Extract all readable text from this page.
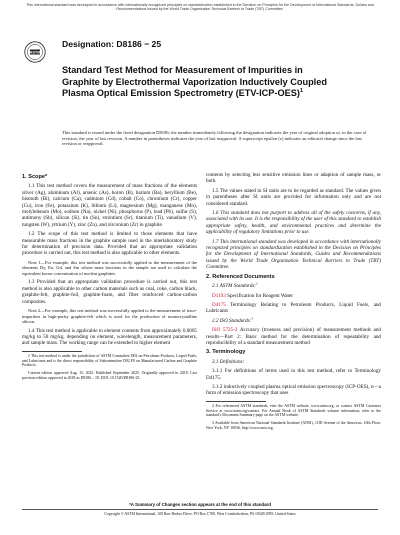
This international standard was developed in accordance with internationally recognized principles on standardization established in the Decision on Principles for the Development of International Standards, Guides and Recommendations issued by the World Trade Organization Technical Barriers to Trade (TBT) Committee.
ASTM
Designation: D8186 − 25
Standard Test Method for Measurement of Impurities in Graphite by Electrothermal Vaporization Inductively Coupled Plasma Optical Emission Spectrometry $(ETV-ICP-OES)^1$
This standard is issued under the fixed designation D8186; the number immediately following the designation indicates the year of original adoption or, in the case of revision, the year of last revision. A number in parentheses indicates the year of last reapproval. A superscript epsilon (ε) indicates an editorial change since the last revision or reapproval.
1. Scope*

1.1 This test method covers the measurement of mass fractions of the elements silver (Ag), aluminum (Al), arsenic (As), boron (B), barium (Ba), beryllium (Be), bismuth (Bi), calcium (Ca), cadmium (Cd), cobalt (Co), chromium (Cr), copper (Cu), iron (Fe), potassium (K), lithium (Li), magnesium (Mg), manganese (Mn), molybdenum (Mo), sodium (Na), nickel (Ni), phosphorus (P), lead (Pb), sulfur (S), antimony (Sb), silicon (Si), tin (Sn), strontium (Sr), titanium (Ti), vanadium (V), tungsten (W), yttrium (Y), zinc (Zn), and zirconium (Zr) in graphite.

1.2 The scope of this test method is limited to those elements that have measurable mass fractions in the graphite sample used in the interlaboratory study for determination of precision data. Provided that an appropriate validation procedure is carried out, this test method is also applicable to other elements.

Note 1—For example, this test method was successfully applied to the measurement of the elements Dy, Eu, Gd, and Sm whose mass fractions in the sample are used to calculate the equivalent boron concentration of nuclear graphites.

1.3 Provided that an appropriate validation procedure is carried out, this test method is also applicable to other carbon materials such as coal, coke, carbon black, graphite-felt, graphite-foil, graphite-foam, and fiber reinforced carbon-carbon composites.

Note 2—For example, this test method was successfully applied to the measurement of trace-impurities in high-purity graphite-felt which is used for the production of monocrystalline silicon.

1.4 This test method is applicable to element contents from approximately 0.0005 mg/kg to 50 mg/kg, depending on element, wavelength, measurement parameters, and sample mass. The working range can be extended to higher element

1 This test method is under the jurisdiction of ASTM Committee D02 on Petroleum Products, Liquid Fuels, and Lubricants and is the direct responsibility of Subcommittee D02.F0 on Manufactured Carbon and Graphite Products.

Current edition approved Aug. 15, 2025. Published September 2025. Originally approved in 2018. Last previous edition approved in 2018 as D8186 – 18. DOI: 10.1520/D8186-25.

contents by selecting less sensitive emission lines or adaption of sample mass, or both.

1.5 The values stated in SI units are to be regarded as standard. The values given in parentheses after SI units are provided for information only and are not considered standard.

1.6 This standard does not purport to address all of the safety concerns, if any, associated with its use. It is the responsibility of the user of this standard to establish appropriate safety, health, and environmental practices and determine the applicability of regulatory limitations prior to use.

1.7 This international standard was developed in accordance with internationally recognized principles on standardization established in the Decision on Principles for the Development of International Standards, Guides and Recommendations issued by the World Trade Organization Technical Barriers to Trade (TBT) Committee.

2. Referenced Documents

2.1 ASTM Standards:$^2$

D1193 Specification for Reagent Water

D4175 Terminology Relating to Petroleum Products, Liquid Fuels, and Lubricants

2.2 ISO Standards:$^3$

ISO 5725-2 Accuracy (trueness and precision) of measurement methods and results—Part 2: Basic method for the determination of repeatability and reproducibility of a standard measurement method

3. Terminology

3.1 Definitions:

3.1.1 For definitions of terms used in this test method, refer to Terminology D4175.

3.1.2 inductively coupled plasma optical emission spectroscopy (ICP-OES), n—a form of emission spectroscopy that uses

2 For referenced ASTM standards, visit the ASTM website, www.astm.org, or contact ASTM Customer Service at www.astm.org/contact. For Annual Book of ASTM Standards volume information, refer to the standard's Document Summary page on the ASTM website.

3 Available from American National Standards Institute (ANSI), 1180 Avenue of the Americas, 10th Floor, New York, NY 10036, http://www.ansi.org.

*A Summary of Changes section appears at the end of this standard
Copyright © ASTM International, 100 Barr Harbor Drive, PO Box C700, West Conshohocken, PA 19428-2959. United States
